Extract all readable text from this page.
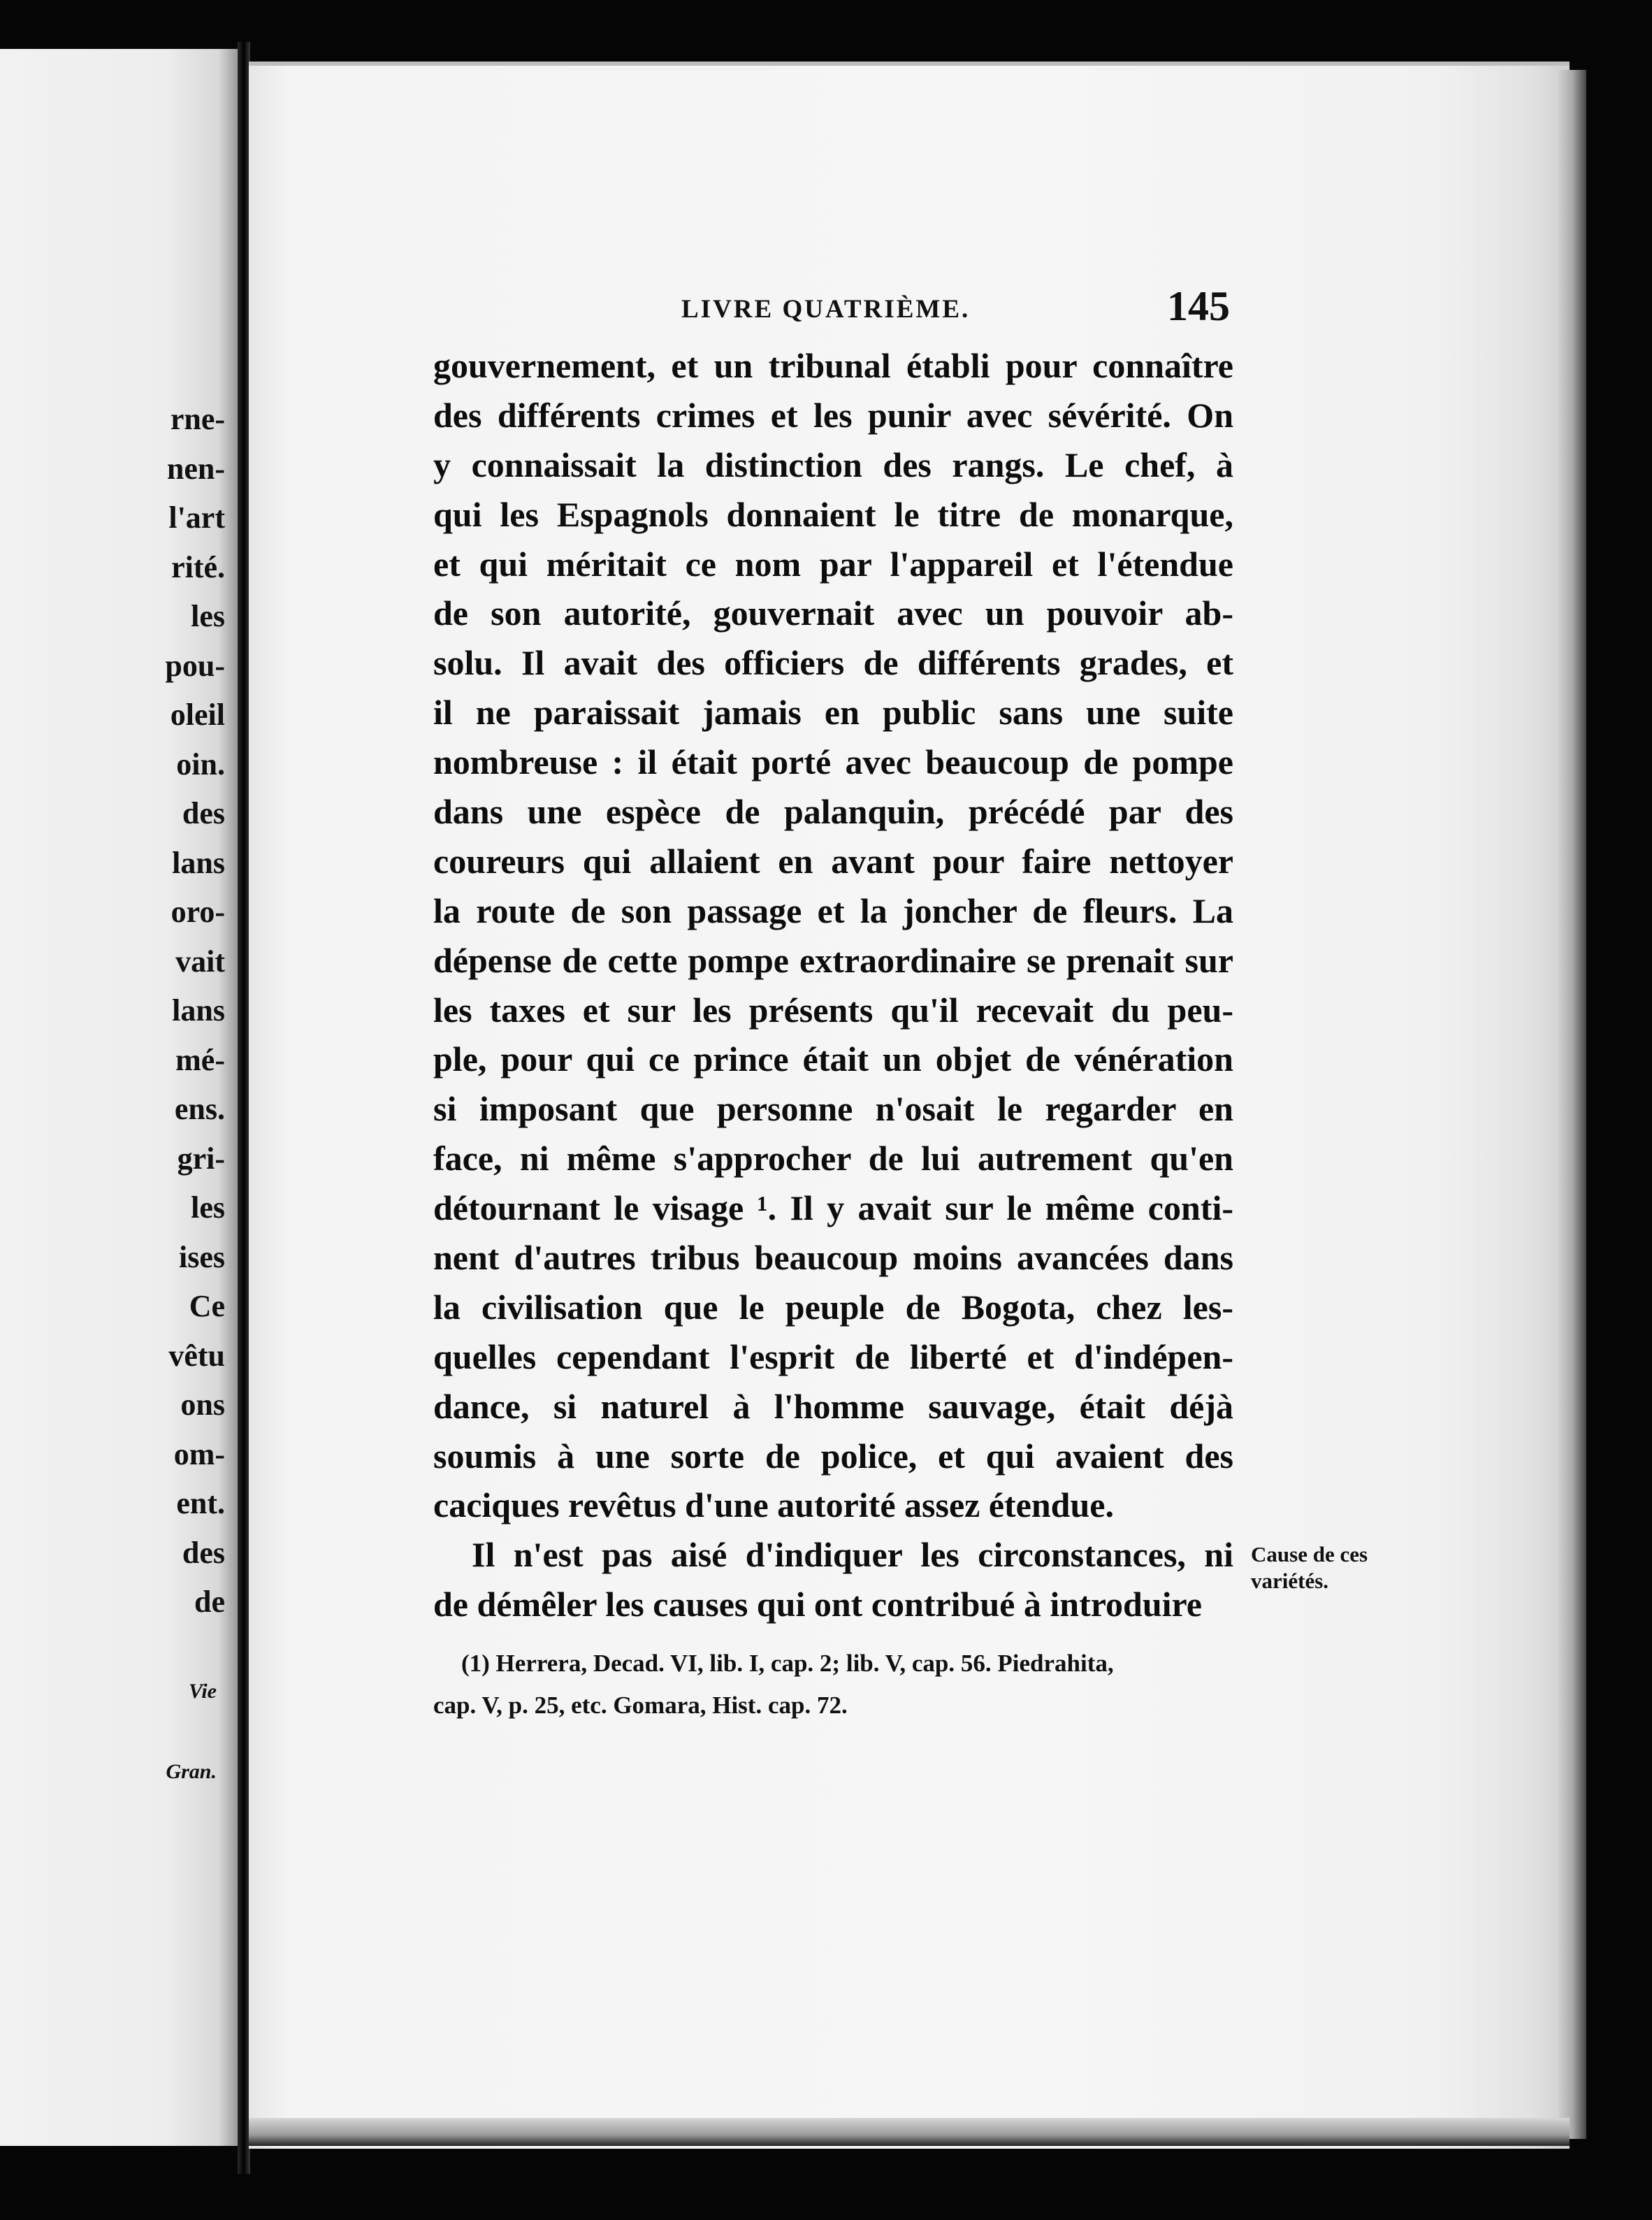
rne-
nen-
l'art
rité.
les
pou-
oleil
oin.
des
lans
oro-
vait
lans
mé-
ens.
gri-
les
ises
Ce
vêtu
ons
om-
ent.
des
de
Vie
Gran.
LIVRE QUATRIÈME.	145
gouvernement, et un tribunal établi pour connaître
des différents crimes et les punir avec sévérité. On
y connaissait la distinction des rangs. Le chef, à
qui les Espagnols donnaient le titre de monarque,
et qui méritait ce nom par l'appareil et l'étendue
de son autorité, gouvernait avec un pouvoir ab-
solu. Il avait des officiers de différents grades, et
il ne paraissait jamais en public sans une suite
nombreuse : il était porté avec beaucoup de pompe
dans une espèce de palanquin, précédé par des
coureurs qui allaient en avant pour faire nettoyer
la route de son passage et la joncher de fleurs. La
dépense de cette pompe extraordinaire se prenait sur
les taxes et sur les présents qu'il recevait du peu-
ple, pour qui ce prince était un objet de vénération
si imposant que personne n'osait le regarder en
face, ni même s'approcher de lui autrement qu'en
détournant le visage ¹. Il y avait sur le même conti-
nent d'autres tribus beaucoup moins avancées dans
la civilisation que le peuple de Bogota, chez les-
quelles cependant l'esprit de liberté et d'indépen-
dance, si naturel à l'homme sauvage, était déjà
soumis à une sorte de police, et qui avaient des
caciques revêtus d'une autorité assez étendue.
Il n'est pas aisé d'indiquer les circonstances, ni
de démêler les causes qui ont contribué à introduire
Cause de ces
variétés.
(1) Herrera, Decad. VI, lib. I, cap. 2; lib. V, cap. 56. Piedrahita,
cap. V, p. 25, etc. Gomara, Hist. cap. 72.
